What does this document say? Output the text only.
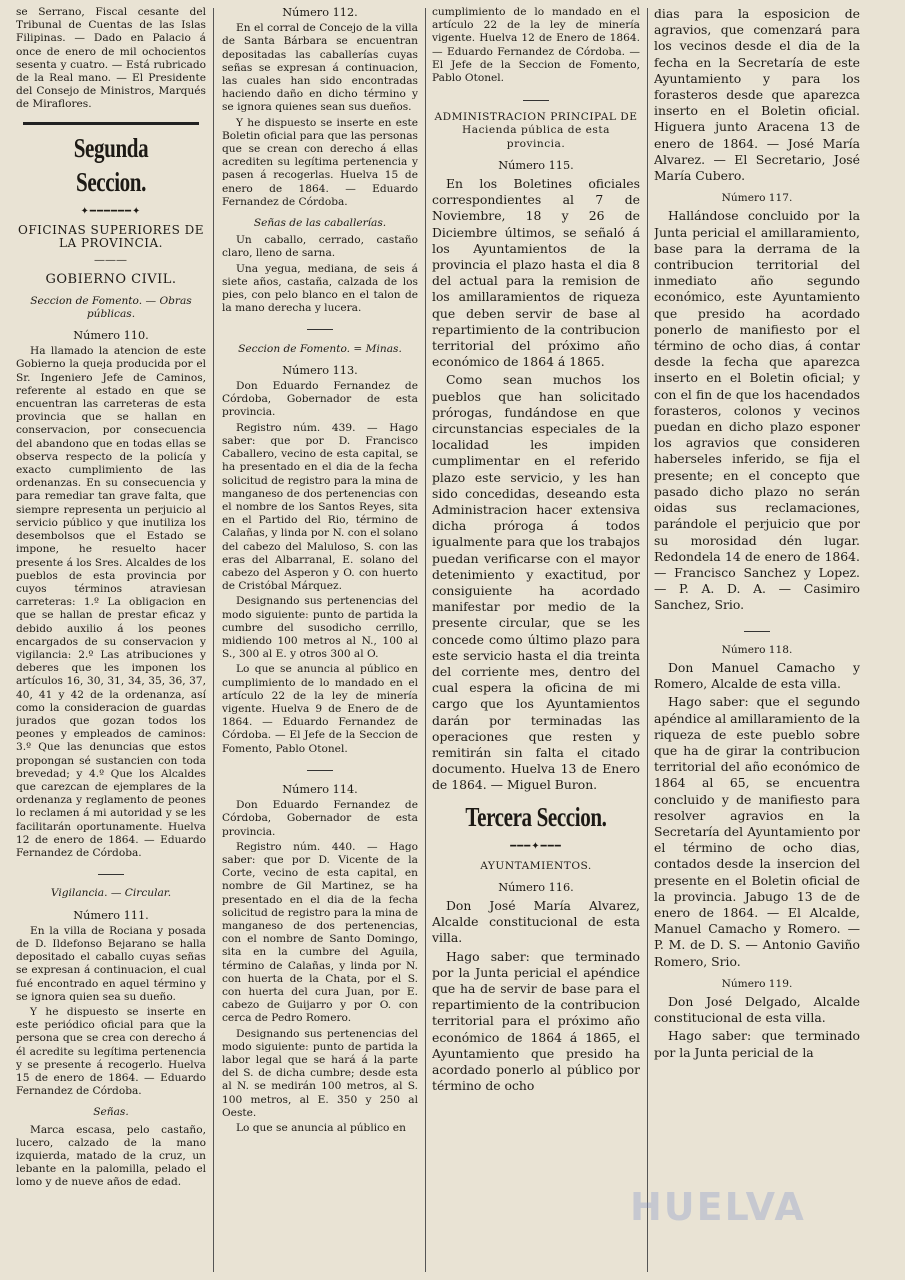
se Serrano, Fiscal cesante del Tribunal de Cuentas de las Islas Filipinas. — Dado en Palacio á once de enero de mil ochocientos sesenta y cuatro. — Está rubricado de la Real mano. — El Presidente del Consejo de Ministros, Marqués de Miraflores.

Segunda Seccion.
✦━━━━━━✦
OFICINAS SUPERIORES DE LA PROVINCIA.
―――
GOBIERNO CIVIL.
Seccion de Fomento. — Obras públicas.
Número 110.

Ha llamado la atencion de este Gobierno la queja producida por el Sr. Ingeniero Jefe de Caminos, referente al estado en que se encuentran las carreteras de esta provincia que se hallan en conservacion, por consecuencia del abandono que en todas ellas se observa respecto de la policía y exacto cumplimiento de las ordenanzas. En su consecuencia y para remediar tan grave falta, que siempre representa un perjuicio al servicio público y que inutiliza los desembolsos que el Estado se impone, he resuelto hacer presente á los Sres. Alcaldes de los pueblos de esta provincia por cuyos términos atraviesan carreteras: 1.º La obligacion en que se hallan de prestar eficaz y debido auxilio á los peones encargados de su conservacion y vigilancia: 2.º Las atribuciones y deberes que les imponen los artículos 16, 30, 31, 34, 35, 36, 37, 40, 41 y 42 de la ordenanza, así como la consideracion de guardas jurados que gozan todos los peones y empleados de caminos: 3.º Que las denuncias que estos propongan sé sustancien con toda brevedad; y 4.º Que los Alcaldes que carezcan de ejemplares de la ordenanza y reglamento de peones lo reclamen á mi autoridad y se les facilitarán oportunamente. Huelva 12 de enero de 1864. — Eduardo Fernandez de Córdoba.

Vigilancia. — Circular.
Número 111.

En la villa de Rociana y posada de D. Ildefonso Bejarano se halla depositado el caballo cuyas señas se expresan á continuacion, el cual fué encontrado en aquel término y se ignora quien sea su dueño.

Y he dispuesto se inserte en este periódico oficial para que la persona que se crea con derecho á él acredite su legítima pertenencia y se presente á recogerlo. Huelva 15 de enero de 1864. — Eduardo Fernandez de Córdoba.

Señas.

Marca escasa, pelo castaño, lucero, calzado de la mano izquierda, matado de la cruz, un lebante en la palomilla, pelado el lomo y de nueve años de edad.

Número 112.

En el corral de Concejo de la villa de Santa Bárbara se encuentran depositadas las caballerías cuyas señas se expresan á continuacion, las cuales han sido encontradas haciendo daño en dicho término y se ignora quienes sean sus dueños.

Y he dispuesto se inserte en este Boletin oficial para que las personas que se crean con derecho á ellas acrediten su legítima pertenencia y pasen á recogerlas. Huelva 15 de enero de 1864. — Eduardo Fernandez de Córdoba.

Señas de las caballerías.

Un caballo, cerrado, castaño claro, lleno de sarna.

Una yegua, mediana, de seis á siete años, castaña, calzada de los pies, con pelo blanco en el talon de la mano derecha y lucera.

Seccion de Fomento. = Minas.
Número 113.

Don Eduardo Fernandez de Córdoba, Gobernador de esta provincia.

Registro núm. 439. — Hago saber: que por D. Francisco Caballero, vecino de esta capital, se ha presentado en el dia de la fecha solicitud de registro para la mina de manganeso de dos pertenencias con el nombre de los Santos Reyes, sita en el Partido del Rio, término de Calañas, y linda por N. con el solano del cabezo del Maluloso, S. con las eras del Albarranal, E. solano del cabezo del Asperon y O. con huerto de Cristóbal Márquez.

Designando sus pertenencias del modo siguiente: punto de partida la cumbre del susodicho cerrillo, midiendo 100 metros al N., 100 al S., 300 al E. y otros 300 al O.

Lo que se anuncia al público en cumplimiento de lo mandado en el artículo 22 de la ley de minería vigente. Huelva 9 de Enero de de 1864. — Eduardo Fernandez de Córdoba. — El Jefe de la Seccion de Fomento, Pablo Otonel.

Número 114.

Don Eduardo Fernandez de Córdoba, Gobernador de esta provincia.

Registro núm. 440. — Hago saber: que por D. Vicente de la Corte, vecino de esta capital, en nombre de Gil Martinez, se ha presentado en el dia de la fecha solicitud de registro para la mina de manganeso de dos pertenencias, con el nombre de Santo Domingo, sita en la cumbre del Aguila, término de Calañas, y linda por N. con huerta de la Chata, por el S. con huerta del cura Juan, por E. cabezo de Guijarro y por O. con cerca de Pedro Romero.

Designando sus pertenencias del modo siguiente: punto de partida la labor legal que se hará á la parte del S. de dicha cumbre; desde esta al N. se medirán 100 metros, al S. 100 metros, al E. 350 y 250 al Oeste.

Lo que se anuncia al público en

cumplimiento de lo mandado en el artículo 22 de la ley de minería vigente. Huelva 12 de Enero de 1864. — Eduardo Fernandez de Córdoba. — El Jefe de la Seccion de Fomento, Pablo Otonel.

ADMINISTRACION PRINCIPAL DE Hacienda pública de esta provincia.
Número 115.

En los Boletines oficiales correspondientes al 7 de Noviembre, 18 y 26 de Diciembre últimos, se señaló á los Ayuntamientos de la provincia el plazo hasta el dia 8 del actual para la remision de los amillaramientos de riqueza que deben servir de base al repartimiento de la contribucion territorial del próximo año económico de 1864 á 1865.

Como sean muchos los pueblos que han solicitado prórogas, fundándose en que circunstancias especiales de la localidad les impiden cumplimentar en el referido plazo este servicio, y les han sido concedidas, deseando esta Administracion hacer extensiva dicha próroga á todos igualmente para que los trabajos puedan verificarse con el mayor detenimiento y exactitud, por consiguiente ha acordado manifestar por medio de la presente circular, que se les concede como último plazo para este servicio hasta el dia treinta del corriente mes, dentro del cual espera la oficina de mi cargo que los Ayuntamientos darán por terminadas las operaciones que resten y remitirán sin falta el citado documento. Huelva 13 de Enero de 1864. — Miguel Buron.

Tercera Seccion.
━━━✦━━━
AYUNTAMIENTOS.
Número 116.

Don José María Alvarez, Alcalde constitucional de esta villa.

Hago saber: que terminado por la Junta pericial el apéndice que ha de servir de base para el repartimiento de la contribucion territorial para el próximo año económico de 1864 á 1865, el Ayuntamiento que presido ha acordado ponerlo al público por término de ocho

dias para la esposicion de agravios, que comenzará para los vecinos desde el dia de la fecha en la Secretaría de este Ayuntamiento y para los forasteros desde que aparezca inserto en el Boletin oficial. Higuera junto Aracena 13 de enero de 1864. — José María Alvarez. — El Secretario, José María Cubero.

Número 117.

Hallándose concluido por la Junta pericial el amillaramiento, base para la derrama de la contribucion territorial del inmediato año segundo económico, este Ayuntamiento que presido ha acordado ponerlo de manifiesto por el término de ocho dias, á contar desde la fecha que aparezca inserto en el Boletin oficial; y con el fin de que los hacendados forasteros, colonos y vecinos puedan en dicho plazo esponer los agravios que consideren haberseles inferido, se fija el presente; en el concepto que pasado dicho plazo no serán oidas sus reclamaciones, parándole el perjuicio que por su morosidad dén lugar. Redondela 14 de enero de 1864. — Francisco Sanchez y Lopez. — P. A. D. A. — Casimiro Sanchez, Srio.

Número 118.

Don Manuel Camacho y Romero, Alcalde de esta villa.

Hago saber: que el segundo apéndice al amillaramiento de la riqueza de este pueblo sobre que ha de girar la contribucion territorial del año económico de 1864 al 65, se encuentra concluido y de manifiesto para resolver agravios en la Secretaría del Ayuntamiento por el término de ocho dias, contados desde la insercion del presente en el Boletin oficial de la provincia. Jabugo 13 de de enero de 1864. — El Alcalde, Manuel Camacho y Romero. — P. M. de D. S. — Antonio Gaviño Romero, Srio.

Número 119.

Don José Delgado, Alcalde constitucional de esta villa.

Hago saber: que terminado por la Junta pericial de la

HUELVA
